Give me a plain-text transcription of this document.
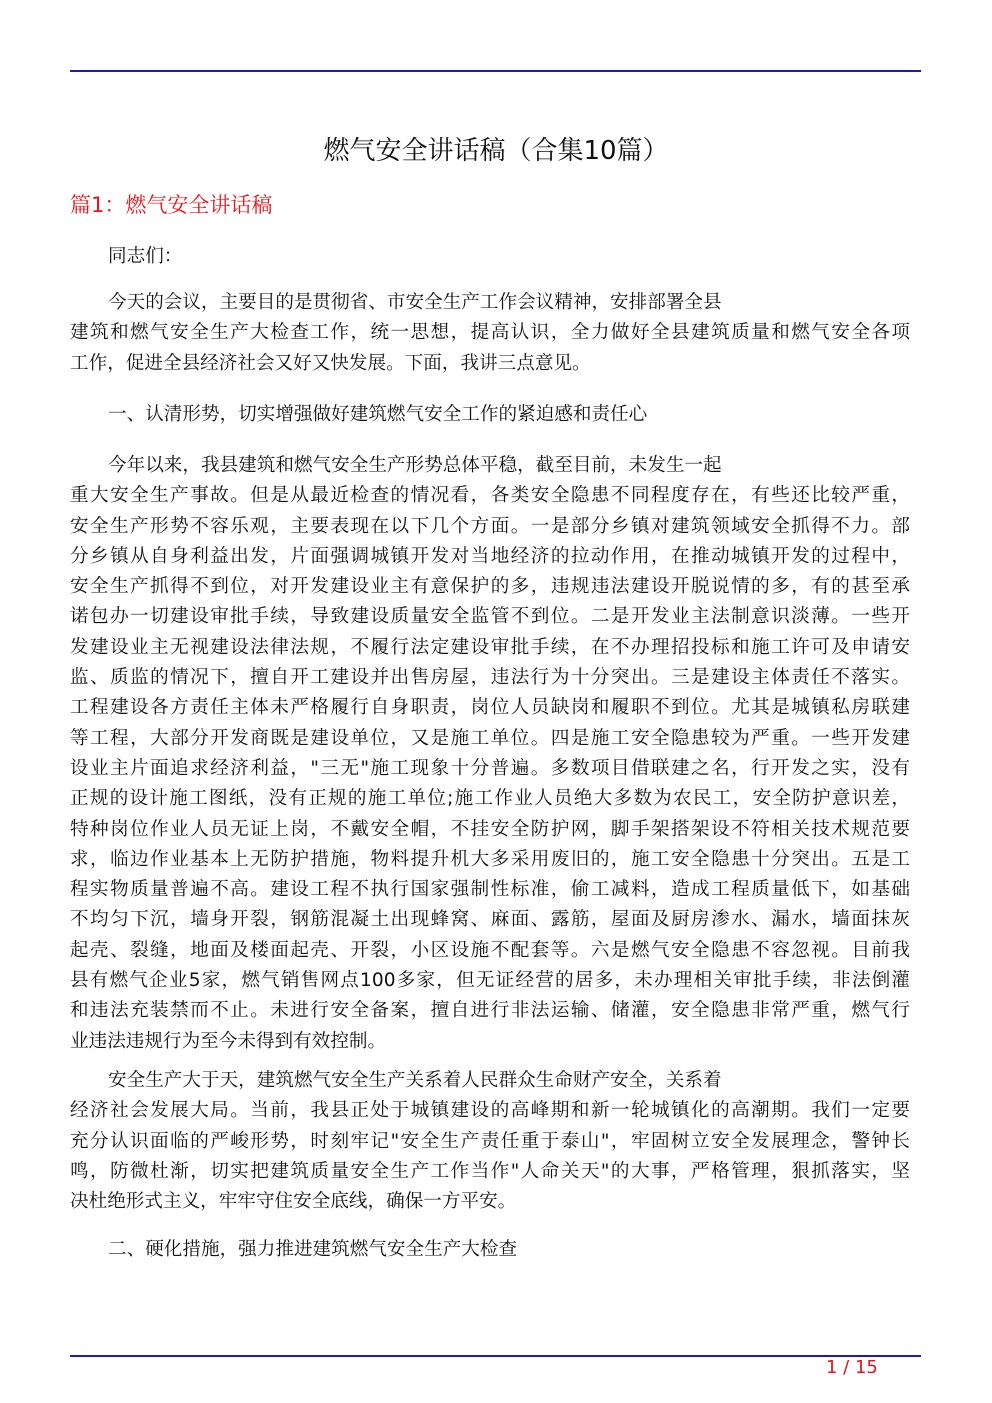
燃气安全讲话稿（合集10篇）
篇1：燃气安全讲话稿
同志们：
今天的会议，主要目的是贯彻省、市安全生产工作会议精神，安排部署全县
建筑和燃气安全生产大检查工作，统一思想，提高认识，全力做好全县建筑质量和燃气安全各项
工作，促进全县经济社会又好又快发展。下面，我讲三点意见。
一、认清形势，切实增强做好建筑燃气安全工作的紧迫感和责任心
今年以来，我县建筑和燃气安全生产形势总体平稳，截至目前，未发生一起
重大安全生产事故。但是从最近检查的情况看，各类安全隐患不同程度存在，有些还比较严重，
安全生产形势不容乐观，主要表现在以下几个方面。一是部分乡镇对建筑领域安全抓得不力。部
分乡镇从自身利益出发，片面强调城镇开发对当地经济的拉动作用，在推动城镇开发的过程中，
安全生产抓得不到位，对开发建设业主有意保护的多，违规违法建设开脱说情的多，有的甚至承
诺包办一切建设审批手续，导致建设质量安全监管不到位。二是开发业主法制意识淡薄。一些开
发建设业主无视建设法律法规，不履行法定建设审批手续，在不办理招投标和施工许可及申请安
监、质监的情况下，擅自开工建设并出售房屋，违法行为十分突出。三是建设主体责任不落实。
工程建设各方责任主体未严格履行自身职责，岗位人员缺岗和履职不到位。尤其是城镇私房联建
等工程，大部分开发商既是建设单位，又是施工单位。四是施工安全隐患较为严重。一些开发建
设业主片面追求经济利益，"三无"施工现象十分普遍。多数项目借联建之名，行开发之实，没有
正规的设计施工图纸，没有正规的施工单位;施工作业人员绝大多数为农民工，安全防护意识差，
特种岗位作业人员无证上岗，不戴安全帽，不挂安全防护网，脚手架搭架设不符相关技术规范要
求，临边作业基本上无防护措施，物料提升机大多采用废旧的，施工安全隐患十分突出。五是工
程实物质量普遍不高。建设工程不执行国家强制性标准，偷工减料，造成工程质量低下，如基础
不均匀下沉，墙身开裂，钢筋混凝土出现蜂窝、麻面、露筋，屋面及厨房渗水、漏水，墙面抹灰
起壳、裂缝，地面及楼面起壳、开裂，小区设施不配套等。六是燃气安全隐患不容忽视。目前我
县有燃气企业5家，燃气销售网点100多家，但无证经营的居多，未办理相关审批手续，非法倒灌
和违法充装禁而不止。未进行安全备案，擅自进行非法运输、储灌，安全隐患非常严重，燃气行
业违法违规行为至今未得到有效控制。
安全生产大于天，建筑燃气安全生产关系着人民群众生命财产安全，关系着
经济社会发展大局。当前，我县正处于城镇建设的高峰期和新一轮城镇化的高潮期。我们一定要
充分认识面临的严峻形势，时刻牢记"安全生产责任重于泰山"，牢固树立安全发展理念，警钟长
鸣，防微杜渐，切实把建筑质量安全生产工作当作"人命关天"的大事，严格管理，狠抓落实，坚
决杜绝形式主义，牢牢守住安全底线，确保一方平安。
二、硬化措施，强力推进建筑燃气安全生产大检查
1 / 15
